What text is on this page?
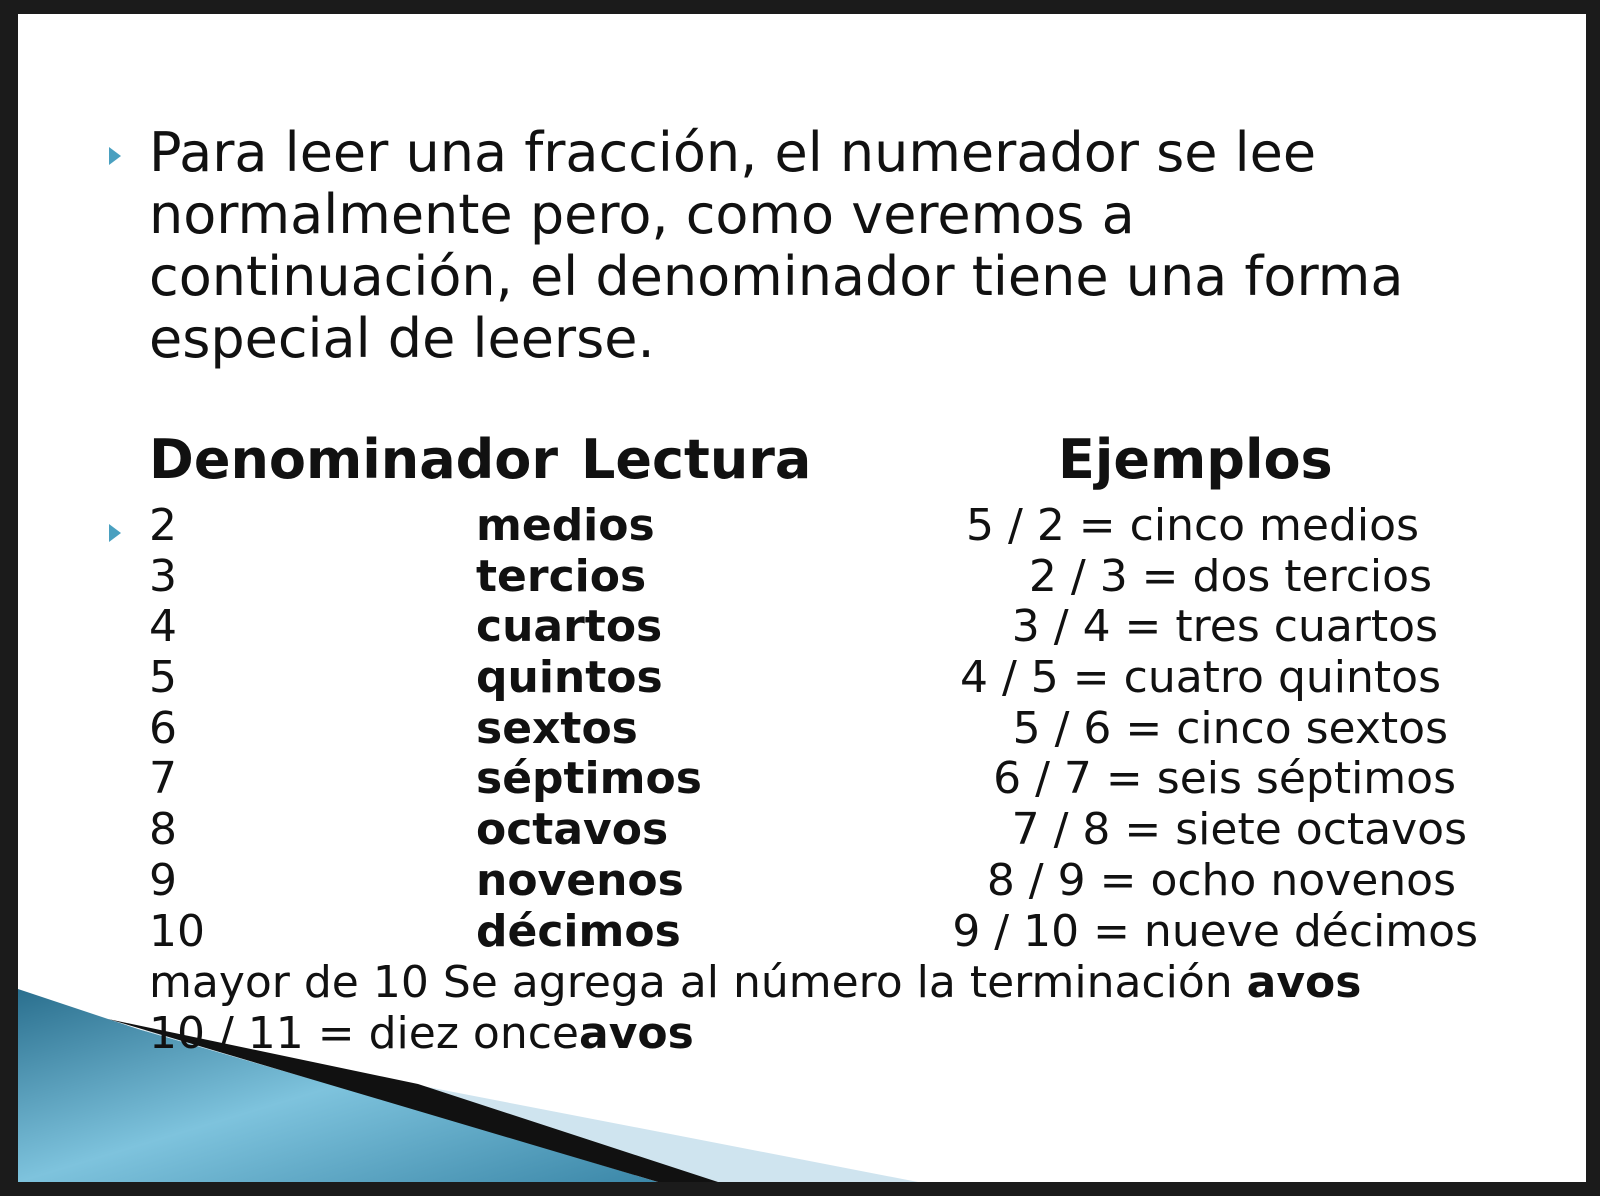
Para leer una fracción, el numerador se lee normalmente pero, como veremos a continuación, el denominador tiene una forma especial de leerse.

Denominador Lectura	Ejemplos
2	medios	5 / 2 = cinco medios
3	tercios	2 / 3 = dos tercios
4	cuartos	3 / 4 = tres cuartos
5	quintos	4 / 5 = cuatro quintos
6	sextos	5 / 6 = cinco sextos
7	séptimos	6 / 7 = seis séptimos
8	octavos	7 / 8 = siete octavos
9	novenos	8 / 9 = ocho novenos
10	décimos	9 / 10 = nueve décimos
mayor de 10 Se agrega al número la terminación avos
10 / 11 = diez onceavos
